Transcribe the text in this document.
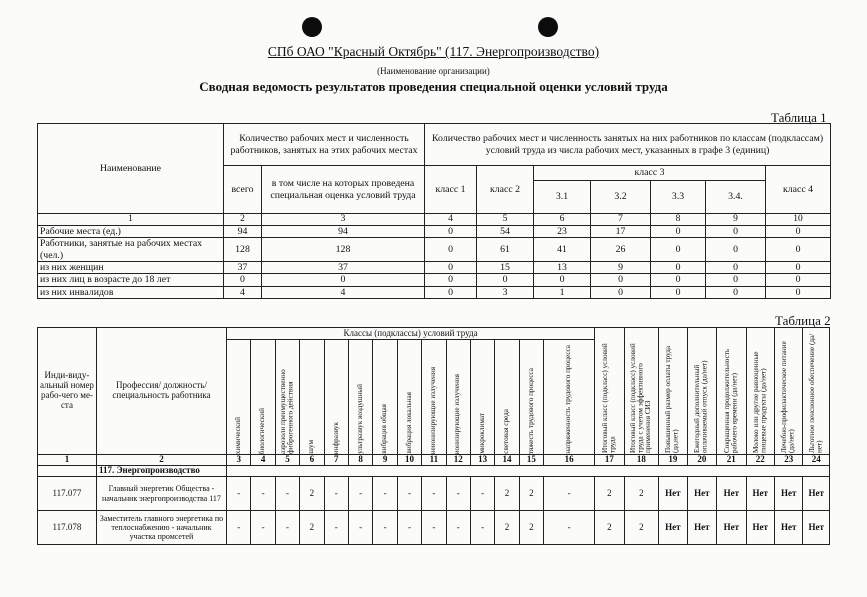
СПб ОАО "Красный Октябрь" (117. Энергопроизводство)
(Наименование организации)
Сводная ведомость результатов проведения специальной оценки условий труда
Таблица 1
Наименование	Количество рабочих мест и численность работников, занятых на этих рабочих местах		Количество рабочих мест и численность занятых на них работников по классам (подклассам) условий труда из числа рабочих мест, указанных в графе 3 (единиц)						
	всего	в том числе на которых проведена специальная оценка условий труда	класс 1	класс 2	класс 3				класс 4
					3.1	3.2	3.3	3.4.	
1	2	3	4	5	6	7	8	9	10
Рабочие места (ед.)	94	94	0	54	23	17	0	0	0
Работники, занятые на рабочих местах (чел.)	128	128	0	61	41	26	0	0	0
из них женщин	37	37	0	15	13	9	0	0	0
из них лиц в возрасте до 18 лет	0	0	0	0	0	0	0	0	0
из них инвалидов	4	4	0	3	1	0	0	0	0
Таблица 2
Инди-виду-альный номер рабо-чего ме-ста	Профессия/ должность/ специальность работника	Классы (подклассы) условий труда														Итоговый класс (подкласс) условий труда	Итоговый класс (подкласс) условий труда с учетом эффективного применения СИЗ	Повышенный размер оплаты труда (да,нет)	Ежегодный дополнительный оплачиваемый отпуск (да/нет)	Сокращенная продолжительность рабочего времени (да/нет)	Молоко или другие равноценные пищевые продукты (да/нет)	Лечебно-профилактическое питание (да/нет)	Льготное пенсионное обеспечение (да/нет)

		химический	биологический	аэрозоли преимущественно фиброгенного действия	шум	инфразвук	ультразвук воздушный	вибрация общая	вибрация локальная	неионизирующие излучения	ионизирующие излучения	микроклимат	световая среда	тяжесть трудового процесса	напряженность трудового процесса								

1	2	3	4	5	6	7	8	9	10	11	12	13	14	15	16	17	18	19	20	21	22	23	24
	117. Энергопроизводство																						
117.077	Главный энергетик Общества - начальник энергопроизводства 117	-	-	-	2	-	-	-	-	-	-	-	2	2	-	2	2	Нет	Нет	Нет	Нет	Нет	Нет
117.078	Заместитель главного энергетика по теплоснабжению - начальник участка промсетей	-	-	-	2	-	-	-	-	-	-	-	2	2	-	2	2	Нет	Нет	Нет	Нет	Нет	Нет
